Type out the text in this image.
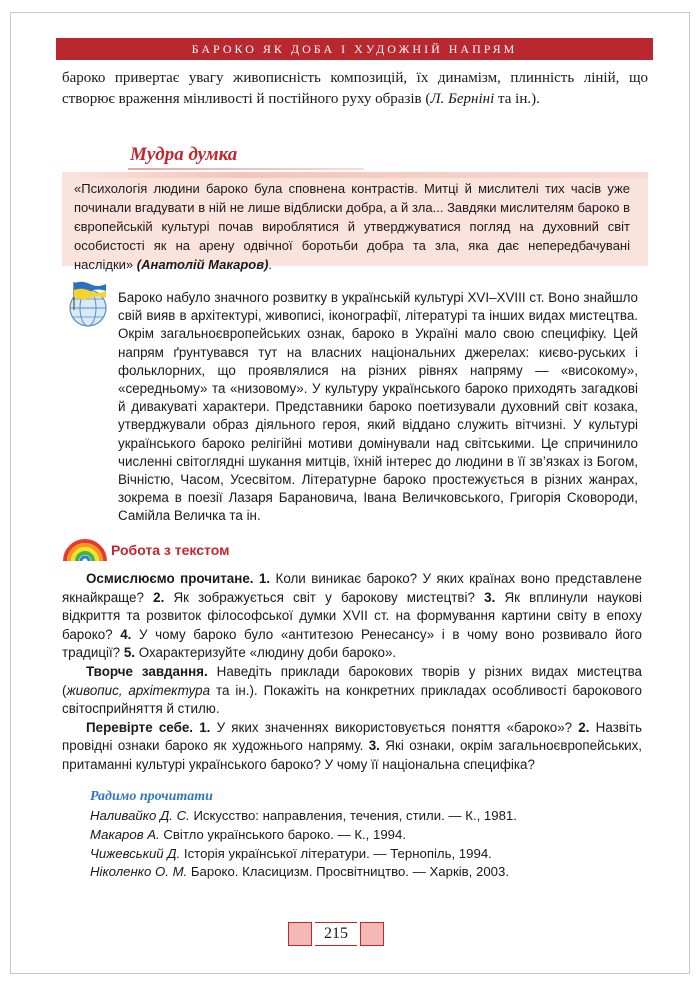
БАРОКО ЯК ДОБА І ХУДОЖНІЙ НАПРЯМ
бароко привертає увагу живописність композицій, їх динамізм, плинність ліній, що створює враження мінливості й постійного руху образів (Л. Берніні та ін.).
Мудра думка
«Психологія людини бароко була сповнена контрастів. Митці й мислителі тих часів уже починали вгадувати в ній не лише відблиски добра, а й зла... Завдяки мислителям бароко в європейській культурі почав вироблятися й утверджуватися погляд на духовний світ особистості як на арену одвічної боротьби добра та зла, яка дає непередбачувані наслідки» (Анатолій Макаров).
Бароко набуло значного розвитку в українській культурі XVI–XVIII ст. Воно знайшло свій вияв в архітектурі, живописі, іконографії, літературі та інших видах мистецтва. Окрім загальноєвропейських ознак, бароко в Україні мало свою специфіку. Цей напрям ґрунтувався тут на власних національних джерелах: києво-руських і фольклорних, що проявлялися на різних рівнях напряму — «високому», «середньому» та «низовому». У культуру українського бароко приходять загадкові й дивакуваті характери. Представники бароко поетизували духовний світ козака, утверджували образ діяльного героя, який віддано служить вітчизні. У культурі українського бароко релігійні мотиви домінували над світськими. Це спричинило численні світоглядні шукання митців, їхній інтерес до людини в її зв’язках із Богом, Вічністю, Часом, Усесвітом. Літературне бароко простежується в різних жанрах, зокрема в поезії Лазаря Барановича, Івана Величковського, Григорія Сковороди, Самійла Величка та ін.
Робота з текстом

Осмислюємо прочитане. 1. Коли виникає бароко? У яких країнах воно представлене якнайкраще? 2. Як зображується світ у барокову мистецтві? 3. Як вплинули наукові відкриття та розвиток філософської думки XVII ст. на формування картини світу в епоху бароко? 4. У чому бароко було «антитезою Ренесансу» і в чому воно розвивало його традиції? 5. Охарактеризуйте «людину доби бароко».

Творче завдання. Наведіть приклади барокових творів у різних видах мистецтва (живопис, архітектура та ін.). Покажіть на конкретних прикладах особливості барокового світосприйняття й стилю.

Перевірте себе. 1. У яких значеннях використовується поняття «бароко»? 2. Назвіть провідні ознаки бароко як художнього напряму. 3. Які ознаки, окрім загальноєвропейських, притаманні культурі українського бароко? У чому її національна специфіка?

Радимо прочитати
Наливайко Д. С. Искусство: направления, течения, стили. — К., 1981.
Макаров А. Світло українського бароко. — К., 1994.
Чижевський Д. Історія української літератури. — Тернопіль, 1994.
Ніколенко О. М. Бароко. Класицизм. Просвітництво. — Харків, 2003.
215
